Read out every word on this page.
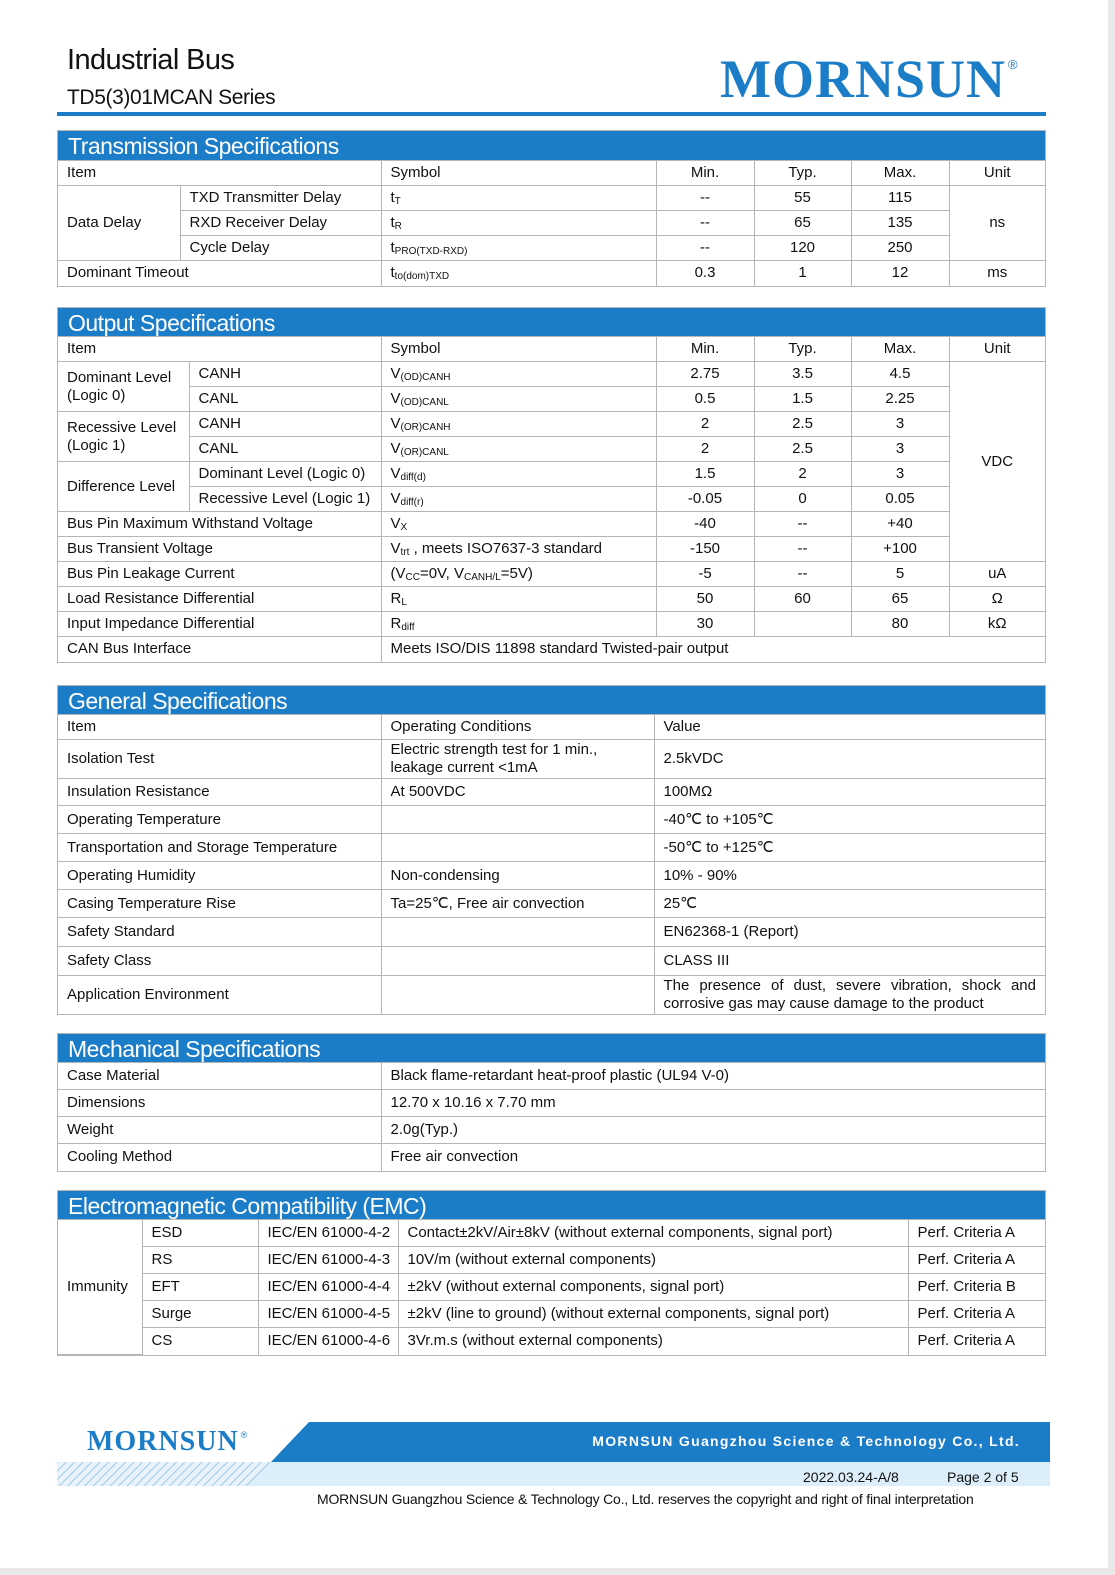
Industrial Bus
TD5(3)01MCAN Series	MORNSUN ®
Transmission Specifications
Item		Symbol	Min.	Typ.	Max.	Unit
Data Delay	TXD Transmitter Delay	$t_T$	--	55	115	ns
	RXD Receiver Delay	$t_R$	--	65	135	
	Cycle Delay	$t_{PRO(TXD-RXD)}$	--	120	250	
Dominant Timeout		$t_{to(dom)TXD}$	0.3	1	12	ms
Output Specifications
Item		Symbol	Min.	Typ.	Max.	Unit
Dominant Level
(Logic 0)	CANH	$V_{(OD)CANH}$	2.75	3.5	4.5	VDC
	CANL	$V_{(OD)CANL}$	0.5	1.5	2.25	
Recessive Level
(Logic 1)	CANH	$V_{(OR)CANH}$	2	2.5	3	
	CANL	$V_{(OR)CANL}$	2	2.5	3	
Difference Level	Dominant Level (Logic 0)	$V_{diff(d)}$	1.5	2	3	
	Recessive Level (Logic 1)	$V_{diff(r)}$	-0.05	0	0.05	
Bus Pin Maximum Withstand Voltage		$V_X$	-40	--	+40	
Bus Transient Voltage		$V_{trt}$ , meets ISO7637-3 standard	-150	--	+100	
Bus Pin Leakage Current		($V_{CC}=0V$, $V_{CANH/L}=5V$)	-5	--	5	uA
Load Resistance Differential		$R_L$	50	60	65	Ω
Input Impedance Differential		$R_{diff}$	30		80	kΩ
CAN Bus Interface		Meets ISO/DIS 11898 standard Twisted-pair output				
General Specifications
Item	Operating Conditions	Value
Isolation Test	Electric strength test for 1 min., leakage current <1mA	2.5kVDC
Insulation Resistance	At 500VDC	100MΩ
Operating Temperature		-40℃ to +105℃
Transportation and Storage Temperature		-50℃ to +125℃
Operating Humidity	Non-condensing	10% - 90%
Casing Temperature Rise	Ta=25℃, Free air convection	25℃
Safety Standard		EN62368-1 (Report)
Safety Class		CLASS III
Application Environment		The presence of dust, severe vibration, shock and corrosive gas may cause damage to the product
Mechanical Specifications
Case Material	Black flame-retardant heat-proof plastic (UL94 V-0)
Dimensions	12.70 x 10.16 x 7.70 mm
Weight	2.0g(Typ.)
Cooling Method	Free air convection
Electromagnetic Compatibility (EMC)
Immunity	ESD	IEC/EN 61000-4-2	Contact±2kV/Air±8kV (without external components, signal port)	Perf. Criteria A
	RS	IEC/EN 61000-4-3	10V/m (without external components)	Perf. Criteria A
	EFT	IEC/EN 61000-4-4	±2kV (without external components, signal port)	Perf. Criteria B
	Surge	IEC/EN 61000-4-5	±2kV (line to ground) (without external components, signal port)	Perf. Criteria A
	CS	IEC/EN 61000-4-6	3Vr.m.s (without external components)	Perf. Criteria A
MORNSUN ®	MORNSUN Guangzhou Science & Technology Co., Ltd.
2022.03.24-A/8	Page 2 of 5
MORNSUN Guangzhou Science & Technology Co., Ltd. reserves the copyright and right of final interpretation
